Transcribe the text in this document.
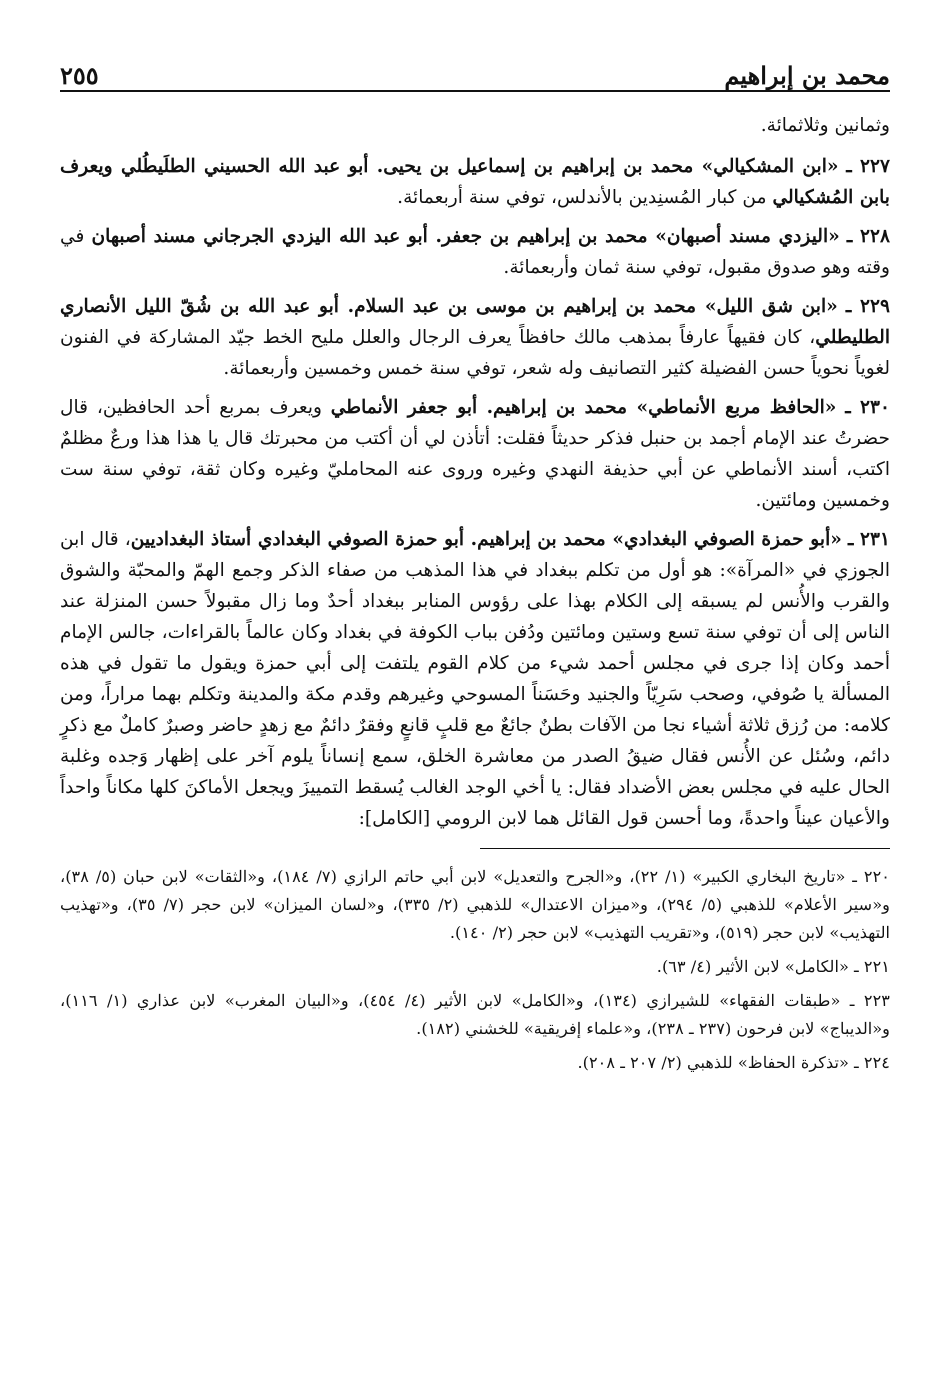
محمد بن إبراهيم
٢٥٥

وثمانين وثلاثمائة.

٢٢٧ ـ «ابن المشكيالي» محمد بن إبراهيم بن إسماعيل بن يحيى. أبو عبد الله الحسيني الطلَيطُلي ويعرف بابن المُشكيالي من كبار المُسنِدين بالأندلس، توفي سنة أربعمائة.

٢٢٨ ـ «اليزدي مسند أصبهان» محمد بن إبراهيم بن جعفر. أبو عبد الله اليزدي الجرجاني مسند أصبهان في وقته وهو صدوق مقبول، توفي سنة ثمان وأربعمائة.

٢٢٩ ـ «ابن شق الليل» محمد بن إبراهيم بن موسى بن عبد السلام. أبو عبد الله بن شُقّ الليل الأنصاري الطليطلي، كان فقيهاً عارفاً بمذهب مالك حافظاً يعرف الرجال والعلل مليح الخط جيّد المشاركة في الفنون لغوياً نحوياً حسن الفضيلة كثير التصانيف وله شعر، توفي سنة خمس وخمسين وأربعمائة.

٢٣٠ ـ «الحافظ مربع الأنماطي» محمد بن إبراهيم. أبو جعفر الأنماطي ويعرف بمربع أحد الحافظين، قال حضرتُ عند الإمام أجمد بن حنبل فذكر حديثاً فقلت: أتأذن لي أن أكتب من محبرتك قال يا هذا هذا ورعٌ مظلمٌ اكتب، أسند الأنماطي عن أبي حذيفة النهدي وغيره وروى عنه المحامليّ وغيره وكان ثقة، توفي سنة ست وخمسين ومائتين.

٢٣١ ـ «أبو حمزة الصوفي البغدادي» محمد بن إبراهيم. أبو حمزة الصوفي البغدادي أستاذ البغداديين، قال ابن الجوزي في «المرآة»: هو أول من تكلم ببغداد في هذا المذهب من صفاء الذكر وجمع الهمّ والمحبّة والشوق والقرب والأُنس لم يسبقه إلى الكلام بهذا على رؤوس المنابر ببغداد أحدٌ وما زال مقبولاً حسن المنزلة عند الناس إلى أن توفي سنة تسع وستين ومائتين ودُفن بباب الكوفة في بغداد وكان عالماً بالقراءات، جالس الإمام أحمد وكان إذا جرى في مجلس أحمد شيء من كلام القوم يلتفت إلى أبي حمزة ويقول ما تقول في هذه المسألة يا صُوفي، وصحب سَرِيّاً والجنيد وحَسَناً المسوحي وغيرهم وقدم مكة والمدينة وتكلم بهما مراراً، ومن كلامه: من رُزق ثلاثة أشياء نجا من الآفات بطنٌ جائعٌ مع قلبٍ قانعٍ وفقرٌ دائمٌ مع زهدٍ حاضر وصبرٌ كاملٌ مع ذكرٍ دائم، وسُئل عن الأُنس فقال ضيقُ الصدر من معاشرة الخلق، سمع إنساناً يلوم آخر على إظهار وَجده وغلبة الحال عليه في مجلس بعض الأضداد فقال: يا أخي الوجد الغالب يُسقط التمييزَ ويجعل الأماكنَ كلها مكاناً واحداً والأعيان عيناً واحدةً، وما أحسن قول القائل هما لابن الرومي [الكامل]:

٢٢٠ ـ «تاريخ البخاري الكبير» (١/ ٢٢)، و«الجرح والتعديل» لابن أبي حاتم الرازي (٧/ ١٨٤)، و«الثقات» لابن حبان (٥/ ٣٨)، و«سير الأعلام» للذهبي (٥/ ٢٩٤)، و«ميزان الاعتدال» للذهبي (٢/ ٣٣٥)، و«لسان الميزان» لابن حجر (٧/ ٣٥)، و«تهذيب التهذيب» لابن حجر (٥١٩)، و«تقريب التهذيب» لابن حجر (٢/ ١٤٠).

٢٢١ ـ «الكامل» لابن الأثير (٤/ ٦٣).

٢٢٣ ـ «طبقات الفقهاء» للشيرازي (١٣٤)، و«الكامل» لابن الأثير (٤/ ٤٥٤)، و«البيان المغرب» لابن عذاري (١/ ١١٦)، و«الديباج» لابن فرحون (٢٣٧ ـ ٢٣٨)، و«علماء إفريقية» للخشني (١٨٢).

٢٢٤ ـ «تذكرة الحفاظ» للذهبي (٢/ ٢٠٧ ـ ٢٠٨).
